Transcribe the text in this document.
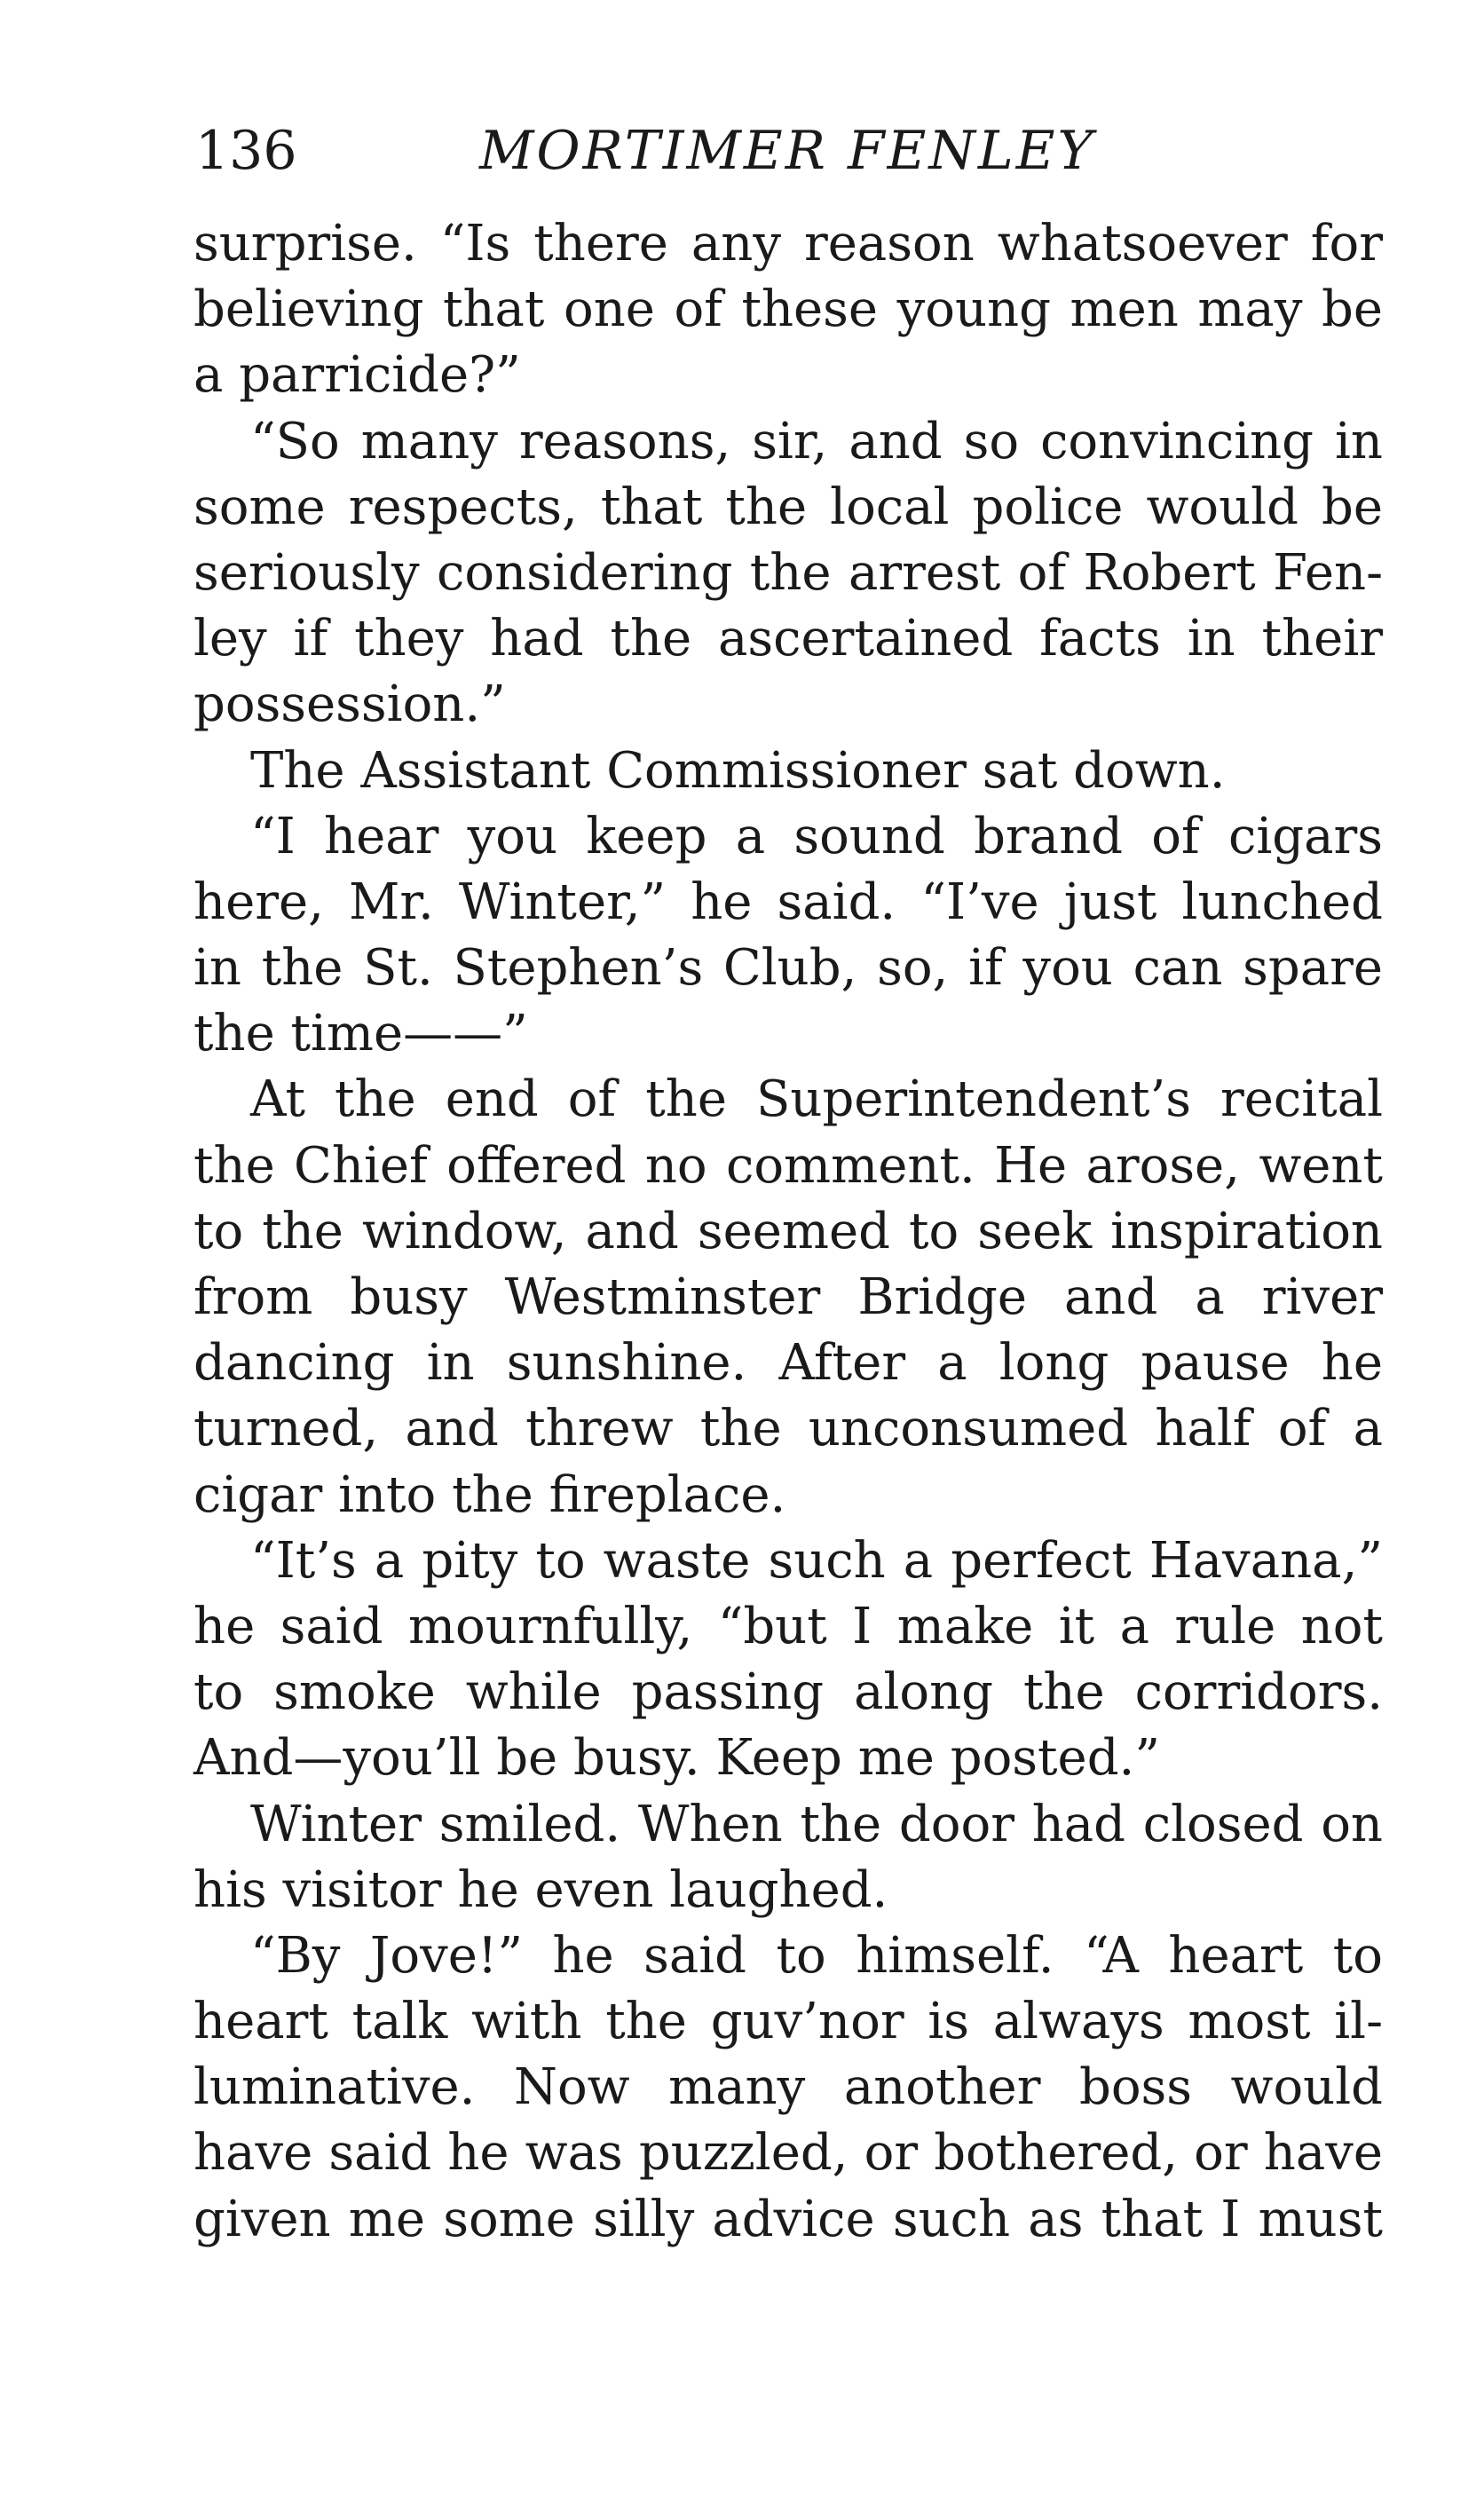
136	MORTIMER FENLEY
surprise. “Is there any reason whatsoever for
believing that one of these young men may be
a parricide?”
“So many reasons, sir, and so convincing in
some respects, that the local police would be
seriously considering the arrest of Robert Fen-
ley if they had the ascertained facts in their
possession.”
The Assistant Commissioner sat down.
“I hear you keep a sound brand of cigars
here, Mr. Winter,” he said. “I’ve just lunched
in the St. Stephen’s Club, so, if you can spare
the time——”
At the end of the Superintendent’s recital
the Chief offered no comment. He arose, went
to the window, and seemed to seek inspiration
from busy Westminster Bridge and a river
dancing in sunshine. After a long pause he
turned, and threw the unconsumed half of a
cigar into the fireplace.
“It’s a pity to waste such a perfect Havana,”
he said mournfully, “but I make it a rule not
to smoke while passing along the corridors.
And—you’ll be busy. Keep me posted.”
Winter smiled. When the door had closed on
his visitor he even laughed.
“By Jove!” he said to himself. “A heart to
heart talk with the guv’nor is always most il-
luminative. Now many another boss would
have said he was puzzled, or bothered, or have
given me some silly advice such as that I must
